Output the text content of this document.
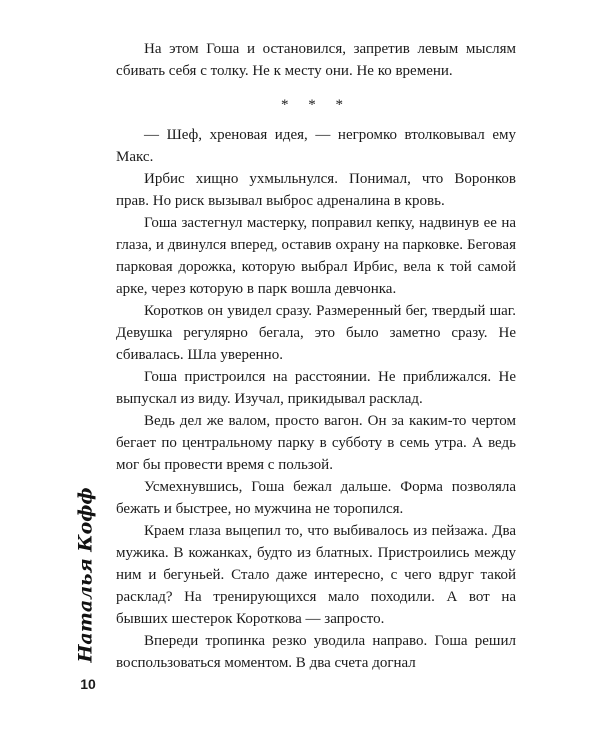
На этом Гоша и остановился, запретив левым мыслям сбивать себя с толку. Не к месту они. Не ко времени.

* * *

— Шеф, хреновая идея, — негромко втолковывал ему Макс.

Ирбис хищно ухмыльнулся. Понимал, что Воронков прав. Но риск вызывал выброс адреналина в кровь.

Гоша застегнул мастерку, поправил кепку, надвинув ее на глаза, и двинулся вперед, оставив охрану на парковке. Беговая парковая дорожка, которую выбрал Ирбис, вела к той самой арке, через которую в парк вошла девчонка.

Коротков он увидел сразу. Размеренный бег, твердый шаг. Девушка регулярно бегала, это было заметно сразу. Не сбивалась. Шла уверенно.

Гоша пристроился на расстоянии. Не приближался. Не выпускал из виду. Изучал, прикидывал расклад.

Ведь дел же валом, просто вагон. Он за каким-то чертом бегает по центральному парку в субботу в семь утра. А ведь мог бы провести время с пользой.

Усмехнувшись, Гоша бежал дальше. Форма позволяла бежать и быстрее, но мужчина не торопился.

Краем глаза выцепил то, что выбивалось из пейзажа. Два мужика. В кожанках, будто из блатных. Пристроились между ним и бегуньей. Стало даже интересно, с чего вдруг такой расклад? На тренирующихся мало походили. А вот на бывших шестерок Короткова — запросто.

Впереди тропинка резко уводила направо. Гоша решил воспользоваться моментом. В два счета догнал

Наталья Кофф
10
